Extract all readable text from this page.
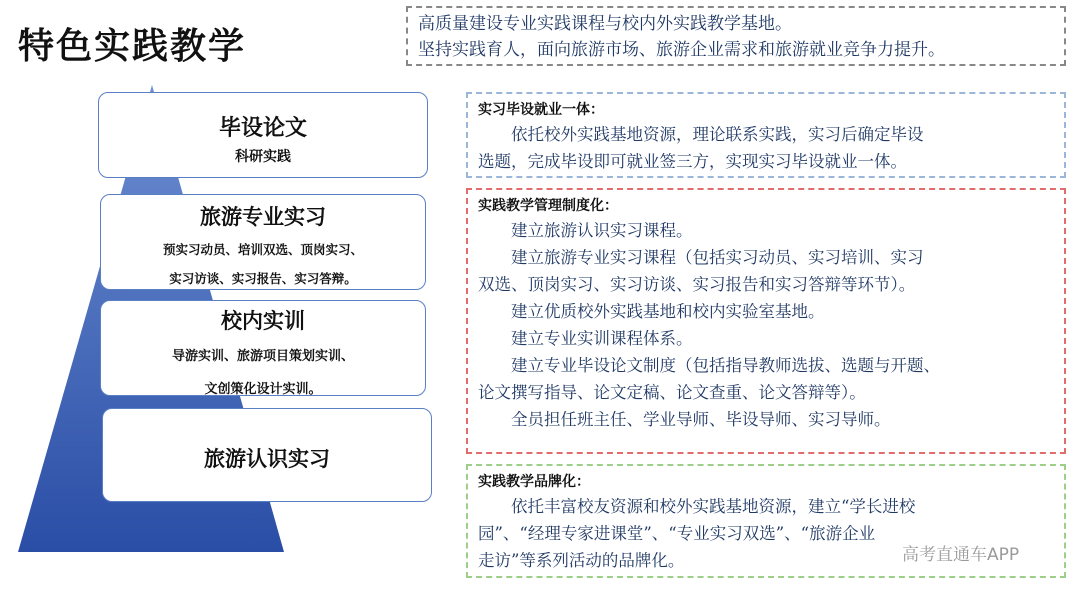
特色实践教学
高质量建设专业实践课程与校内外实践教学基地。
坚持实践育人，面向旅游市场、旅游企业需求和旅游就业竞争力提升。
毕设论文
科研实践
旅游专业实习
预实习动员、培训双选、顶岗实习、
实习访谈、实习报告、实习答辩。
校内实训
导游实训、旅游项目策划实训、
文创策化设计实训。
旅游认识实习
实习毕设就业一体：
　　依托校外实践基地资源，理论联系实践，实习后确定毕设
选题，完成毕设即可就业签三方，实现实习毕设就业一体。
实践教学管理制度化：
　　建立旅游认识实习课程。
　　建立旅游专业实习课程（包括实习动员、实习培训、实习
双选、顶岗实习、实习访谈、实习报告和实习答辩等环节）。
　　建立优质校外实践基地和校内实验室基地。
　　建立专业实训课程体系。
　　建立专业毕设论文制度（包括指导教师选拔、选题与开题、
论文撰写指导、论文定稿、论文查重、论文答辩等）。
　　全员担任班主任、学业导师、毕设导师、实习导师。
实践教学品牌化：
　　依托丰富校友资源和校外实践基地资源，建立“学长进校
园”、“经理专家进课堂”、“专业实习双选”、“旅游企业
走访”等系列活动的品牌化。	高考直通车APP
